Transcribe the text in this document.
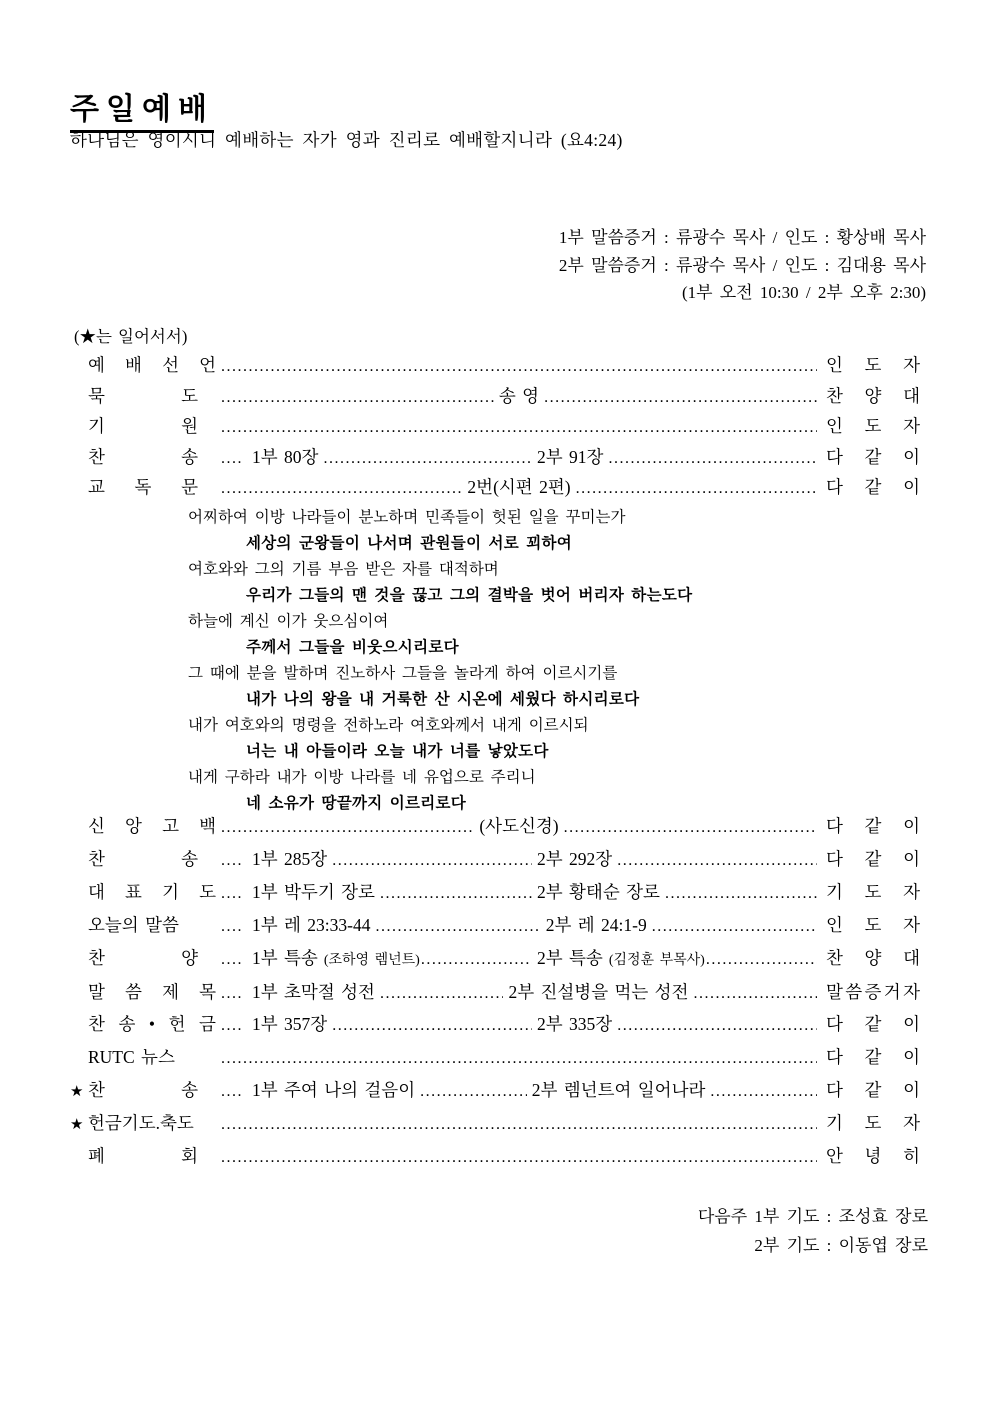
주일예배
하나님은 영이시니 예배하는 자가 영과 진리로 예배할지니라 (요4:24)
1부 말씀증거 : 류광수 목사 / 인도 : 황상배 목사
2부 말씀증거 : 류광수 목사 / 인도 : 김대용 목사
(1부 오전 10:30 / 2부 오후 2:30)
(★는 일어서서)
예 배 선 언 .....	인 도 자
묵	도 .....	송 영 .....	찬 양 대
기	원 .....	인 도 자
찬	송 .... 1부 80장 .....	2부 91장 .....	다 같 이
교 독 문 .....	2번(시편 2편) .....	다 같 이
어찌하여 이방 나라들이 분노하며 민족들이 헛된 일을 꾸미는가
세상의 군왕들이 나서며 관원들이 서로 꾀하여
여호와와 그의 기름 부음 받은 자를 대적하며
우리가 그들의 맨 것을 끊고 그의 결박을 벗어 버리자 하는도다
하늘에 계신 이가 웃으심이여
주께서 그들을 비웃으시리로다
그 때에 분을 발하며 진노하사 그들을 놀라게 하여 이르시기를
내가 나의 왕을 내 거룩한 산 시온에 세웠다 하시리로다
내가 여호와의 명령을 전하노라 여호와께서 내게 이르시되
너는 내 아들이라 오늘 내가 너를 낳았도다
내게 구하라 내가 이방 나라를 네 유업으로 주리니
네 소유가 땅끝까지 이르리로다
신 앙 고 백 .....	(사도신경) .....	다 같 이
찬	송 .... 1부 285장 .....	2부 292장 .....	다 같 이
대 표 기 도 .... 1부 박두기 장로 .....	2부 황태순 장로 .....	기 도 자
오늘의 말씀	.... 1부 레 23:33-44 .....	2부 레 24:1-9 .....	인 도 자
찬	양 .... 1부 특송 (조하영 렘넌트) .....	2부 특송 (김정훈 부목사) .....	찬 양 대
말 씀 제 목 .... 1부 초막절 성전 .....	2부 진설병을 먹는 성전 .....	말 씀 증 거 자
찬 송 • 헌 금 .... 1부 357장 .....	2부 335장 .....	다 같 이
RUTC 뉴스 .....	다 같 이
★ 찬	송 .... 1부 주여 나의 걸음이 .....	2부 렘넌트여 일어나라 .....	다 같 이
★ 헌금기도.축도 .....	기 도 자
폐	회 .....	안 녕 히
다음주 1부 기도 : 조성효 장로
2부 기도 : 이동엽 장로
